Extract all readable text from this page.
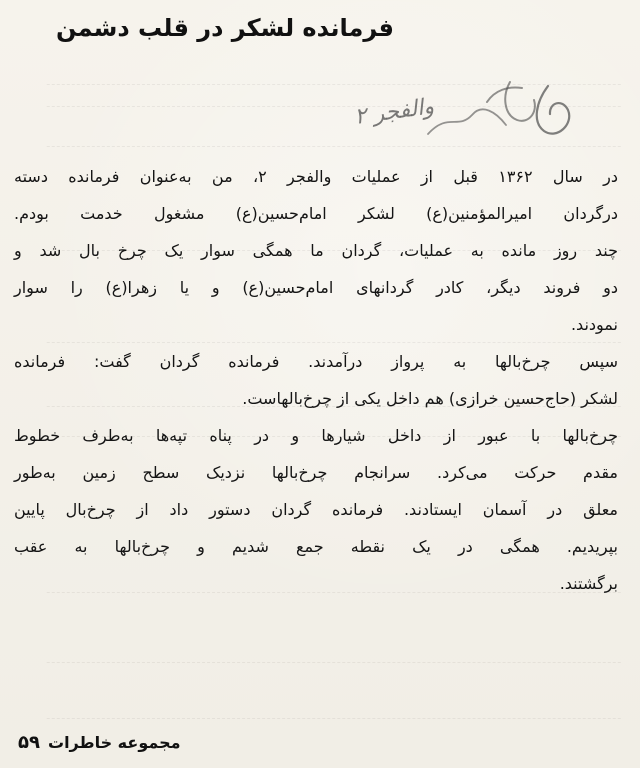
فرمانده لشکر در قلب دشمن
والفجر ۲
در سال ۱۳۶۲ قبل از عملیات والفجر ۲، من به‌عنوان فرمانده دسته
درگردان امیرالمؤمنین(ع) لشکر امام‌حسین(ع) مشغول خدمت بودم.
چند روز مانده به عملیات، گردان ما همگی سوار یک چرخ بال شد و
دو فروند دیگر، کادر گردانهای امام‌حسین(ع) و یا زهرا(ع) را سوار
نمودند.
سپس چرخ‌بالها به پرواز درآمدند. فرمانده گردان گفت: فرمانده
لشکر (حاج‌حسین خرازی) هم داخل یکی از چرخ‌بالهاست.
چرخ‌بالها با عبور از داخل شیارها و در پناه تپه‌ها به‌طرف خطوط
مقدم حرکت می‌کرد. سرانجام چرخ‌بالها نزدیک سطح زمین به‌طور
معلق در آسمان ایستادند. فرمانده گردان دستور داد از چرخ‌بال پایین
بپریدیم. همگی در یک نقطه جمع شدیم و چرخ‌بالها به عقب
برگشتند.
مجموعه خاطرات
۵۹
